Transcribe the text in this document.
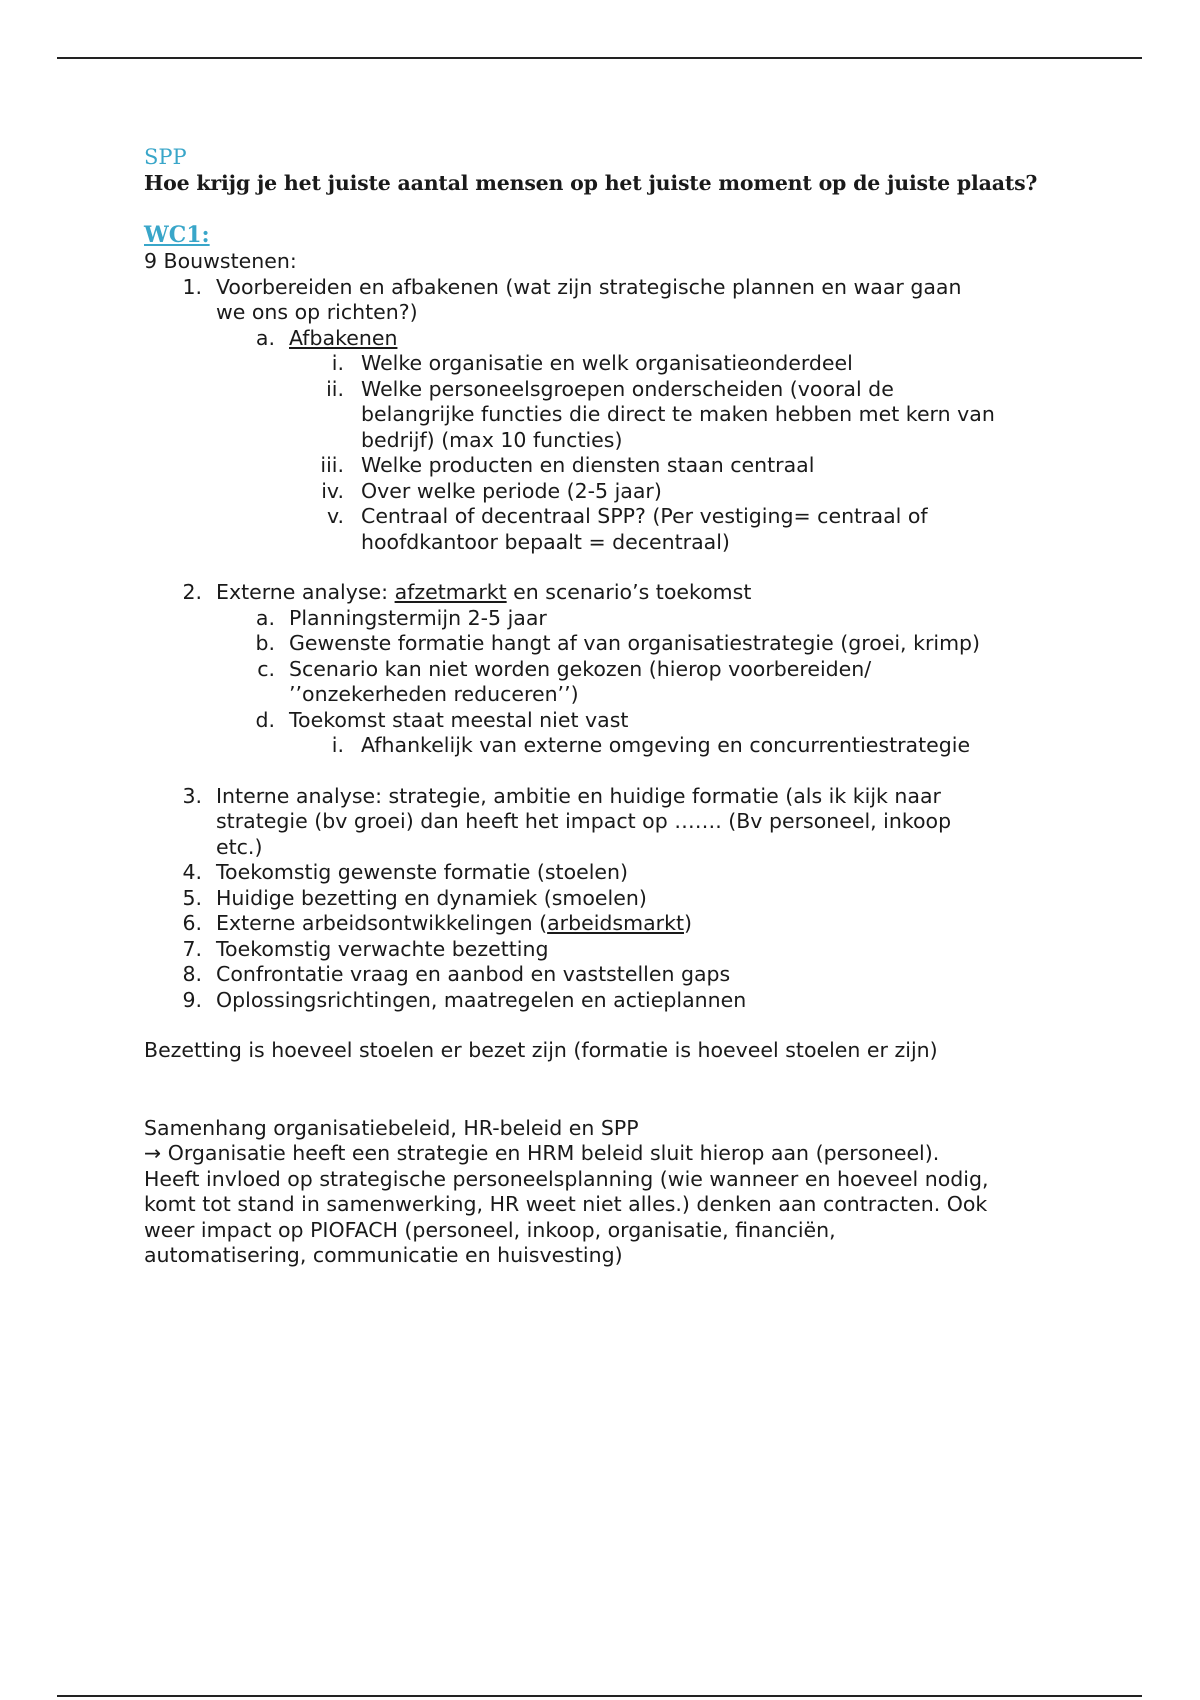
SPP
Hoe krijg je het juiste aantal mensen op het juiste moment op de juiste plaats?
WC1:
9 Bouwstenen:
1. Voorbereiden en afbakenen (wat zijn strategische plannen en waar gaan
we ons op richten?)
a. Afbakenen
i. Welke organisatie en welk organisatieonderdeel
ii. Welke personeelsgroepen onderscheiden (vooral de
belangrijke functies die direct te maken hebben met kern van
bedrijf) (max 10 functies)
iii. Welke producten en diensten staan centraal
iv. Over welke periode (2-5 jaar)
v. Centraal of decentraal SPP? (Per vestiging= centraal of
hoofdkantoor bepaalt = decentraal)
2. Externe analyse: afzetmarkt en scenario’s toekomst
a. Planningstermijn 2-5 jaar
b. Gewenste formatie hangt af van organisatiestrategie (groei, krimp)
c. Scenario kan niet worden gekozen (hierop voorbereiden/
’’onzekerheden reduceren’’)
d. Toekomst staat meestal niet vast
i. Afhankelijk van externe omgeving en concurrentiestrategie
3. Interne analyse: strategie, ambitie en huidige formatie (als ik kijk naar
strategie (bv groei) dan heeft het impact op ……. (Bv personeel, inkoop
etc.)
4. Toekomstig gewenste formatie (stoelen)
5. Huidige bezetting en dynamiek (smoelen)
6. Externe arbeidsontwikkelingen (arbeidsmarkt)
7. Toekomstig verwachte bezetting
8. Confrontatie vraag en aanbod en vaststellen gaps
9. Oplossingsrichtingen, maatregelen en actieplannen
Bezetting is hoeveel stoelen er bezet zijn (formatie is hoeveel stoelen er zijn)
Samenhang organisatiebeleid, HR-beleid en SPP
→ Organisatie heeft een strategie en HRM beleid sluit hierop aan (personeel).
Heeft invloed op strategische personeelsplanning (wie wanneer en hoeveel nodig,
komt tot stand in samenwerking, HR weet niet alles.) denken aan contracten. Ook
weer impact op PIOFACH (personeel, inkoop, organisatie, financiën,
automatisering, communicatie en huisvesting)
